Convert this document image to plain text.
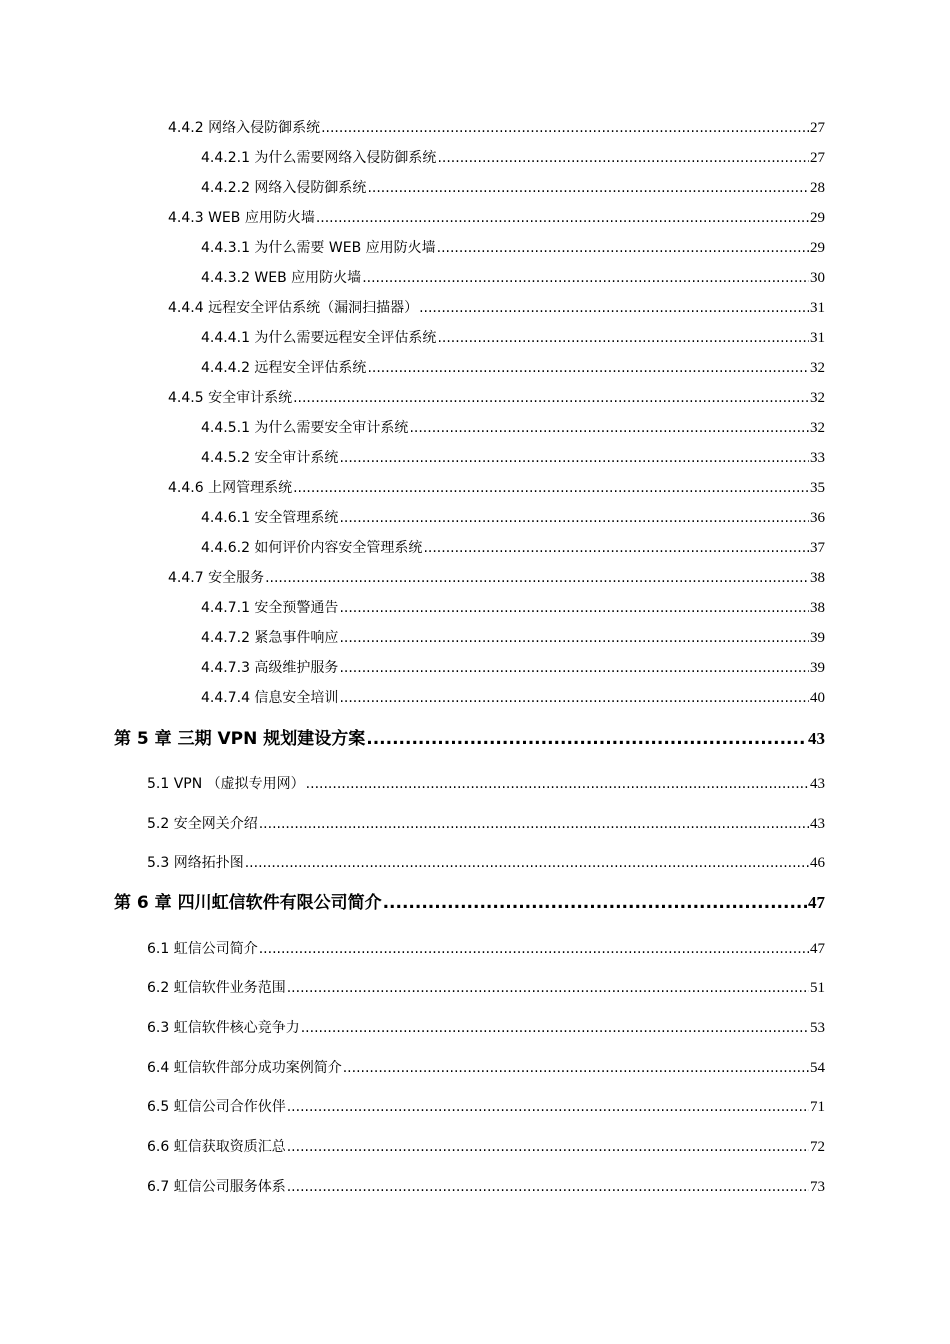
4.4.2 网络入侵防御系统 .....	27
4.4.2.1 为什么需要网络入侵防御系统 .....	27
4.4.2.2 网络入侵防御系统 .....	28
4.4.3 WEB 应用防火墙 .....	29
4.4.3.1 为什么需要 WEB 应用防火墙 .....	29
4.4.3.2 WEB 应用防火墙 .....	30
4.4.4 远程安全评估系统（漏洞扫描器） .....	31
4.4.4.1 为什么需要远程安全评估系统 .....	31
4.4.4.2 远程安全评估系统 .....	32
4.4.5 安全审计系统 .....	32
4.4.5.1 为什么需要安全审计系统 .....	32
4.4.5.2 安全审计系统 .....	33
4.4.6 上网管理系统 .....	35
4.4.6.1 安全管理系统 .....	36
4.4.6.2 如何评价内容安全管理系统 .....	37
4.4.7 安全服务 .....	38
4.4.7.1 安全预警通告 .....	38
4.4.7.2 紧急事件响应 .....	39
4.4.7.3 高级维护服务 .....	39
4.4.7.4 信息安全培训 .....	40
第 5 章 三期 VPN 规划建设方案 .....	43
5.1 VPN （虚拟专用网） .....	43
5.2 安全网关介绍 .....	43
5.3 网络拓扑图 .....	46
第 6 章 四川虹信软件有限公司简介 .....	47
6.1 虹信公司简介 .....	47
6.2 虹信软件业务范围 .....	51
6.3 虹信软件核心竞争力 .....	53
6.4 虹信软件部分成功案例简介 .....	54
6.5 虹信公司合作伙伴 .....	71
6.6 虹信获取资质汇总 .....	72
6.7 虹信公司服务体系 .....	73
